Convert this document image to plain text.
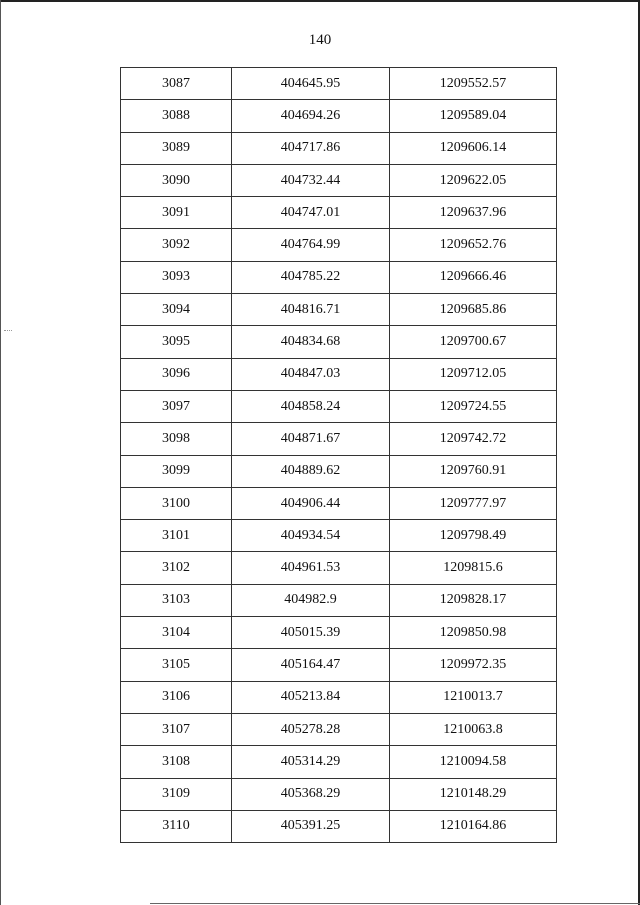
140
3087	404645.95	1209552.57
3088	404694.26	1209589.04
3089	404717.86	1209606.14
3090	404732.44	1209622.05
3091	404747.01	1209637.96
3092	404764.99	1209652.76
3093	404785.22	1209666.46
3094	404816.71	1209685.86
3095	404834.68	1209700.67
3096	404847.03	1209712.05
3097	404858.24	1209724.55
3098	404871.67	1209742.72
3099	404889.62	1209760.91
3100	404906.44	1209777.97
3101	404934.54	1209798.49
3102	404961.53	1209815.6
3103	404982.9	1209828.17
3104	405015.39	1209850.98
3105	405164.47	1209972.35
3106	405213.84	1210013.7
3107	405278.28	1210063.8
3108	405314.29	1210094.58
3109	405368.29	1210148.29
3110	405391.25	1210164.86
